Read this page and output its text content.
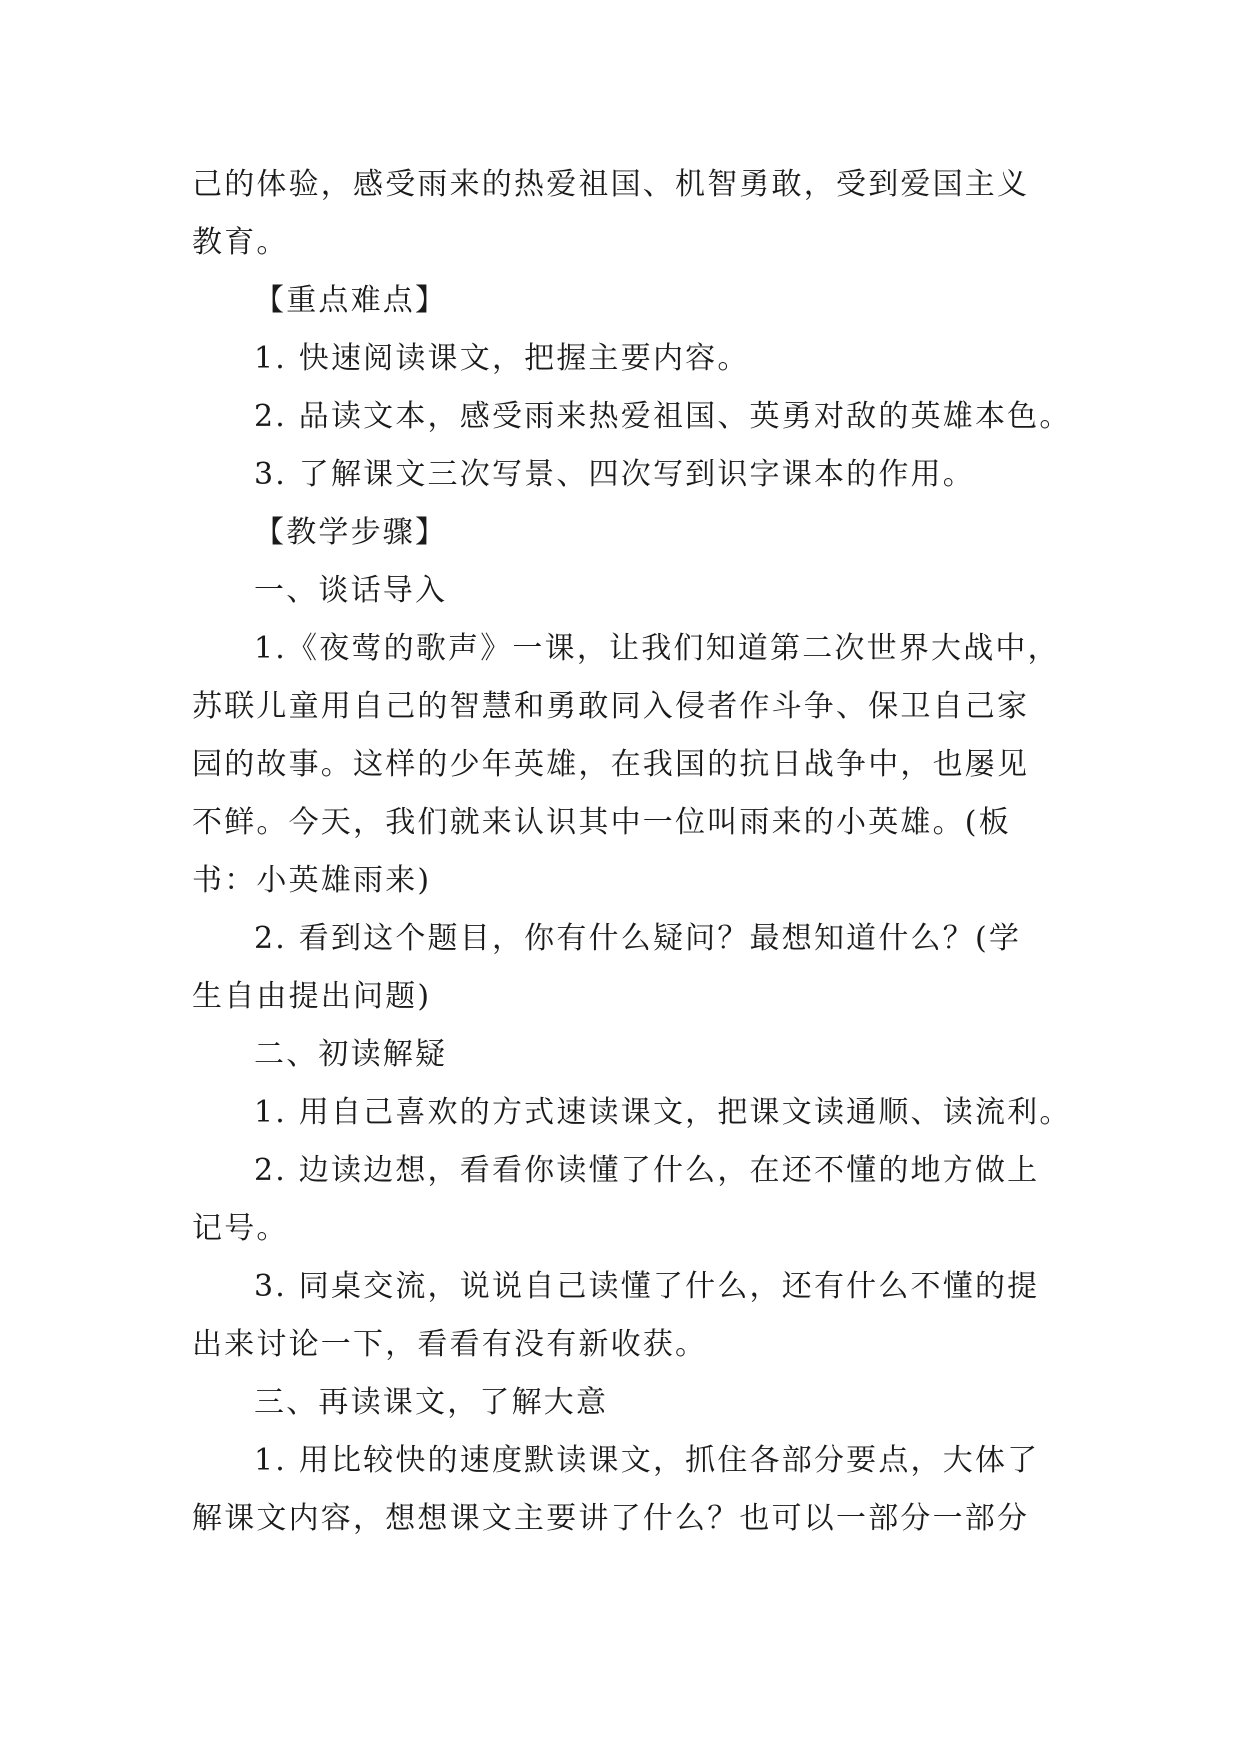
己的体验，感受雨来的热爱祖国、机智勇敢，受到爱国主义
教育。
【重点难点】
1. 快速阅读课文，把握主要内容。
2. 品读文本，感受雨来热爱祖国、英勇对敌的英雄本色。
3. 了解课文三次写景、四次写到识字课本的作用。
【教学步骤】
一、谈话导入
1.《夜莺的歌声》一课，让我们知道第二次世界大战中，
苏联儿童用自己的智慧和勇敢同入侵者作斗争、保卫自己家
园的故事。这样的少年英雄，在我国的抗日战争中，也屡见
不鲜。今天，我们就来认识其中一位叫雨来的小英雄。(板
书：小英雄雨来)
2. 看到这个题目，你有什么疑问？最想知道什么？(学
生自由提出问题)
二、初读解疑
1. 用自己喜欢的方式速读课文，把课文读通顺、读流利。
2. 边读边想，看看你读懂了什么，在还不懂的地方做上
记号。
3. 同桌交流，说说自己读懂了什么，还有什么不懂的提
出来讨论一下，看看有没有新收获。
三、再读课文，了解大意
1. 用比较快的速度默读课文，抓住各部分要点，大体了
解课文内容，想想课文主要讲了什么？也可以一部分一部分
